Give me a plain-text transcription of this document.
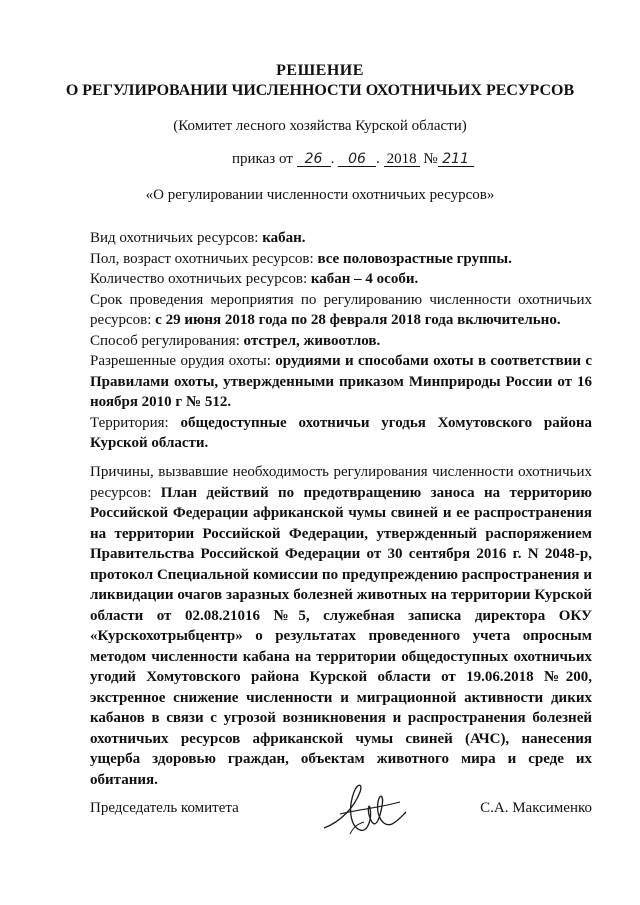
РЕШЕНИЕ
О РЕГУЛИРОВАНИИ ЧИСЛЕННОСТИ ОХОТНИЧЬИХ РЕСУРСОВ
(Комитет лесного хозяйства Курской области)
приказ от 26 . 06 . 2018 № 211
«О регулировании численности охотничьих ресурсов»

Вид охотничьих ресурсов: кабан.

Пол, возраст охотничьих ресурсов: все половозрастные группы.

Количество охотничьих ресурсов: кабан – 4 особи.

Срок проведения мероприятия по регулированию численности охотничьих ресурсов: с 29 июня 2018 года по 28 февраля 2018 года включительно.

Способ регулирования: отстрел, живоотлов.

Разрешенные орудия охоты: орудиями и способами охоты в соответствии с Правилами охоты, утвержденными приказом Минприроды России от 16 ноября 2010 г № 512.

Территория: общедоступные охотничьи угодья Хомутовского района Курской области.

Причины, вызвавшие необходимость регулирования численности охотничьих ресурсов: План действий по предотвращению заноса на территорию Российской Федерации африканской чумы свиней и ее распространения на территории Российской Федерации, утвержденный распоряжением Правительства Российской Федерации от 30 сентября 2016 г. N 2048-р, протокол Специальной комиссии по предупреждению распространения и ликвидации очагов заразных болезней животных на территории Курской области от 02.08.21016 №5, служебная записка директора ОКУ «Курскохотрыбцентр» о результатах проведенного учета опросным методом численности кабана на территории общедоступных охотничьих угодий Хомутовского района Курской области от 19.06.2018 №200, экстренное снижение численности и миграционной активности диких кабанов в связи с угрозой возникновения и распространения болезней охотничьих ресурсов африканской чумы свиней (АЧС), нанесения ущерба здоровью граждан, объектам животного мира и среде их обитания.

Председатель комитета	С.А. Максименко
